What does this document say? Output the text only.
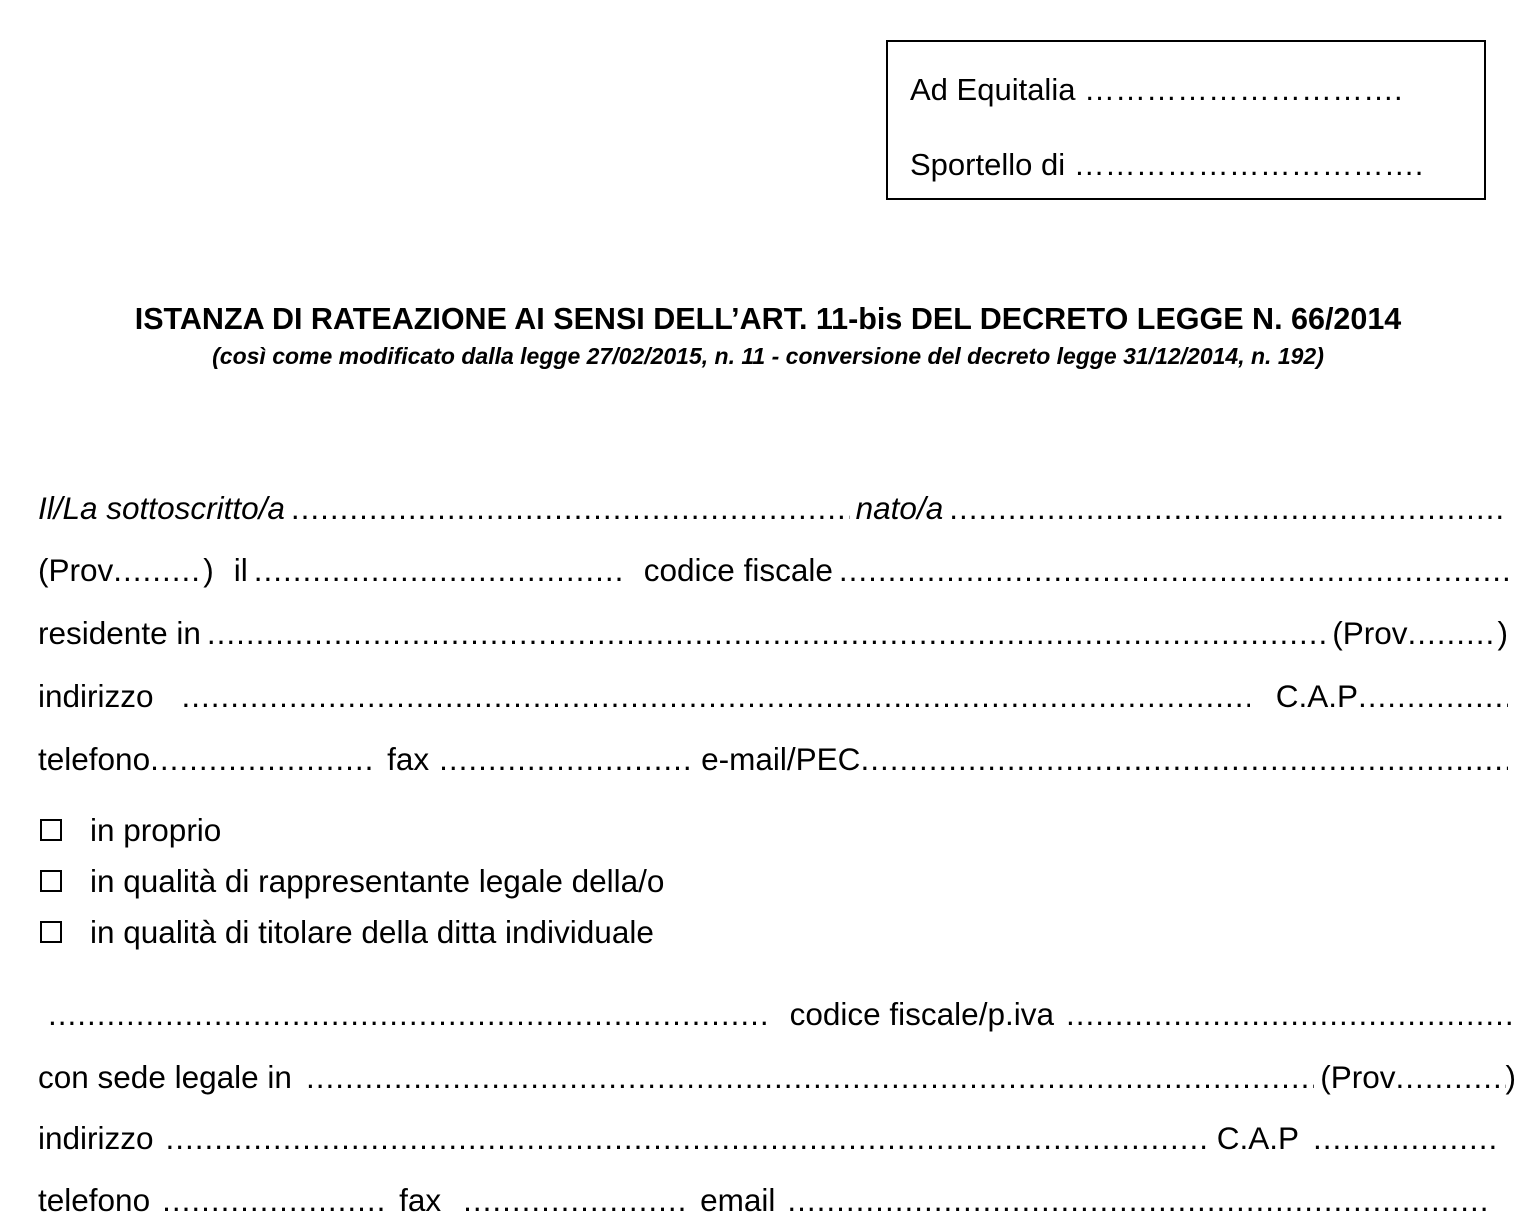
Ad Equitalia ………………………….
Sportello di …………………………….
ISTANZA DI RATEAZIONE AI SENSI DELL’ART. 11-bis DEL DECRETO LEGGE N. 66/2014
(così come modificato dalla legge 27/02/2015, n. 11 - conversione del decreto legge 31/12/2014, n. 192)
Il/La sottoscritto/a .....	nato/a
.....
(Prov .....	) il .....	codice fiscale
.....
residente in .....	(Prov .....	)
indirizzo .....	C.A.P
.....
telefono .....	fax .....	e-mail/PEC
.....
in proprio
in qualità di rappresentante legale della/o
in qualità di titolare della ditta individuale
.....
codice fiscale/p.iva
.....
con sede legale in .....	(Prov .....	)
indirizzo .....	C.A.P
.....
telefono .....	fax .....	email
.....
